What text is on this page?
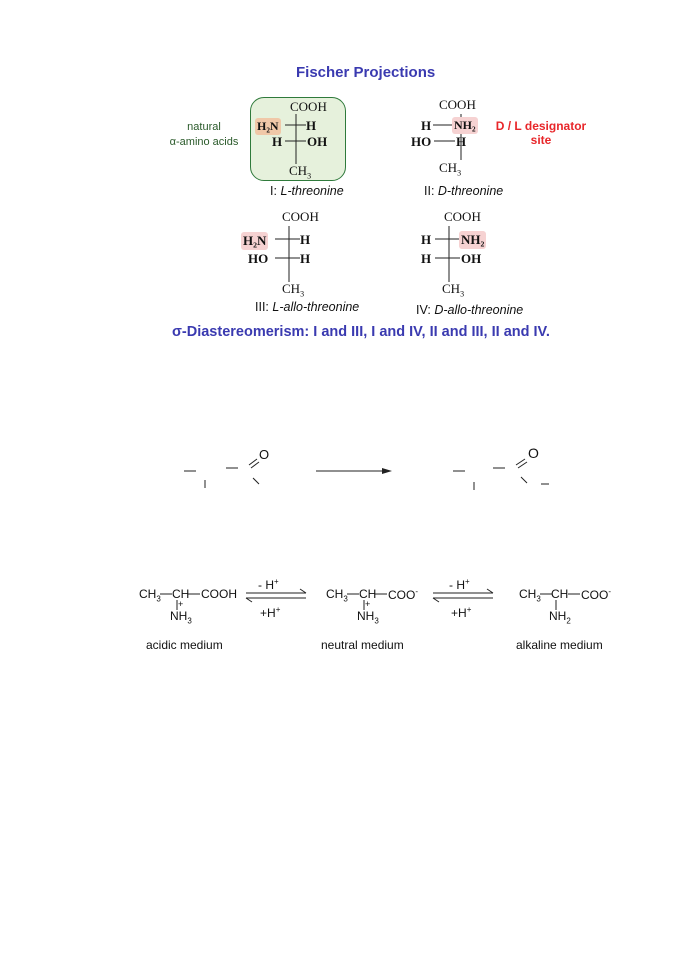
Fischer Projections
natural
α-amino acids
COOH
H₂N H
H OH
$CH_3$
I: L-threonine
COOH
H NH₂
HO H
$CH_3$
II: D-threonine
D / L designator
site
COOH
H₂N	H
HO H
$CH_3$
III: L-allo-threonine
COOH
H NH₂
H OH
$CH_3$
IV: D-allo-threonine
σ-Diastereomerism: I and III, I and IV, II and III, II and IV.
O	O
$CH_3$ CH COOH
+
$NH_3$
- H+
+H+
$CH_3$ CH COO-
+
$NH_3$
- H+
+H+
$CH_3$ CH COO-
$NH_2$
acidic medium	neutral medium	alkaline medium
